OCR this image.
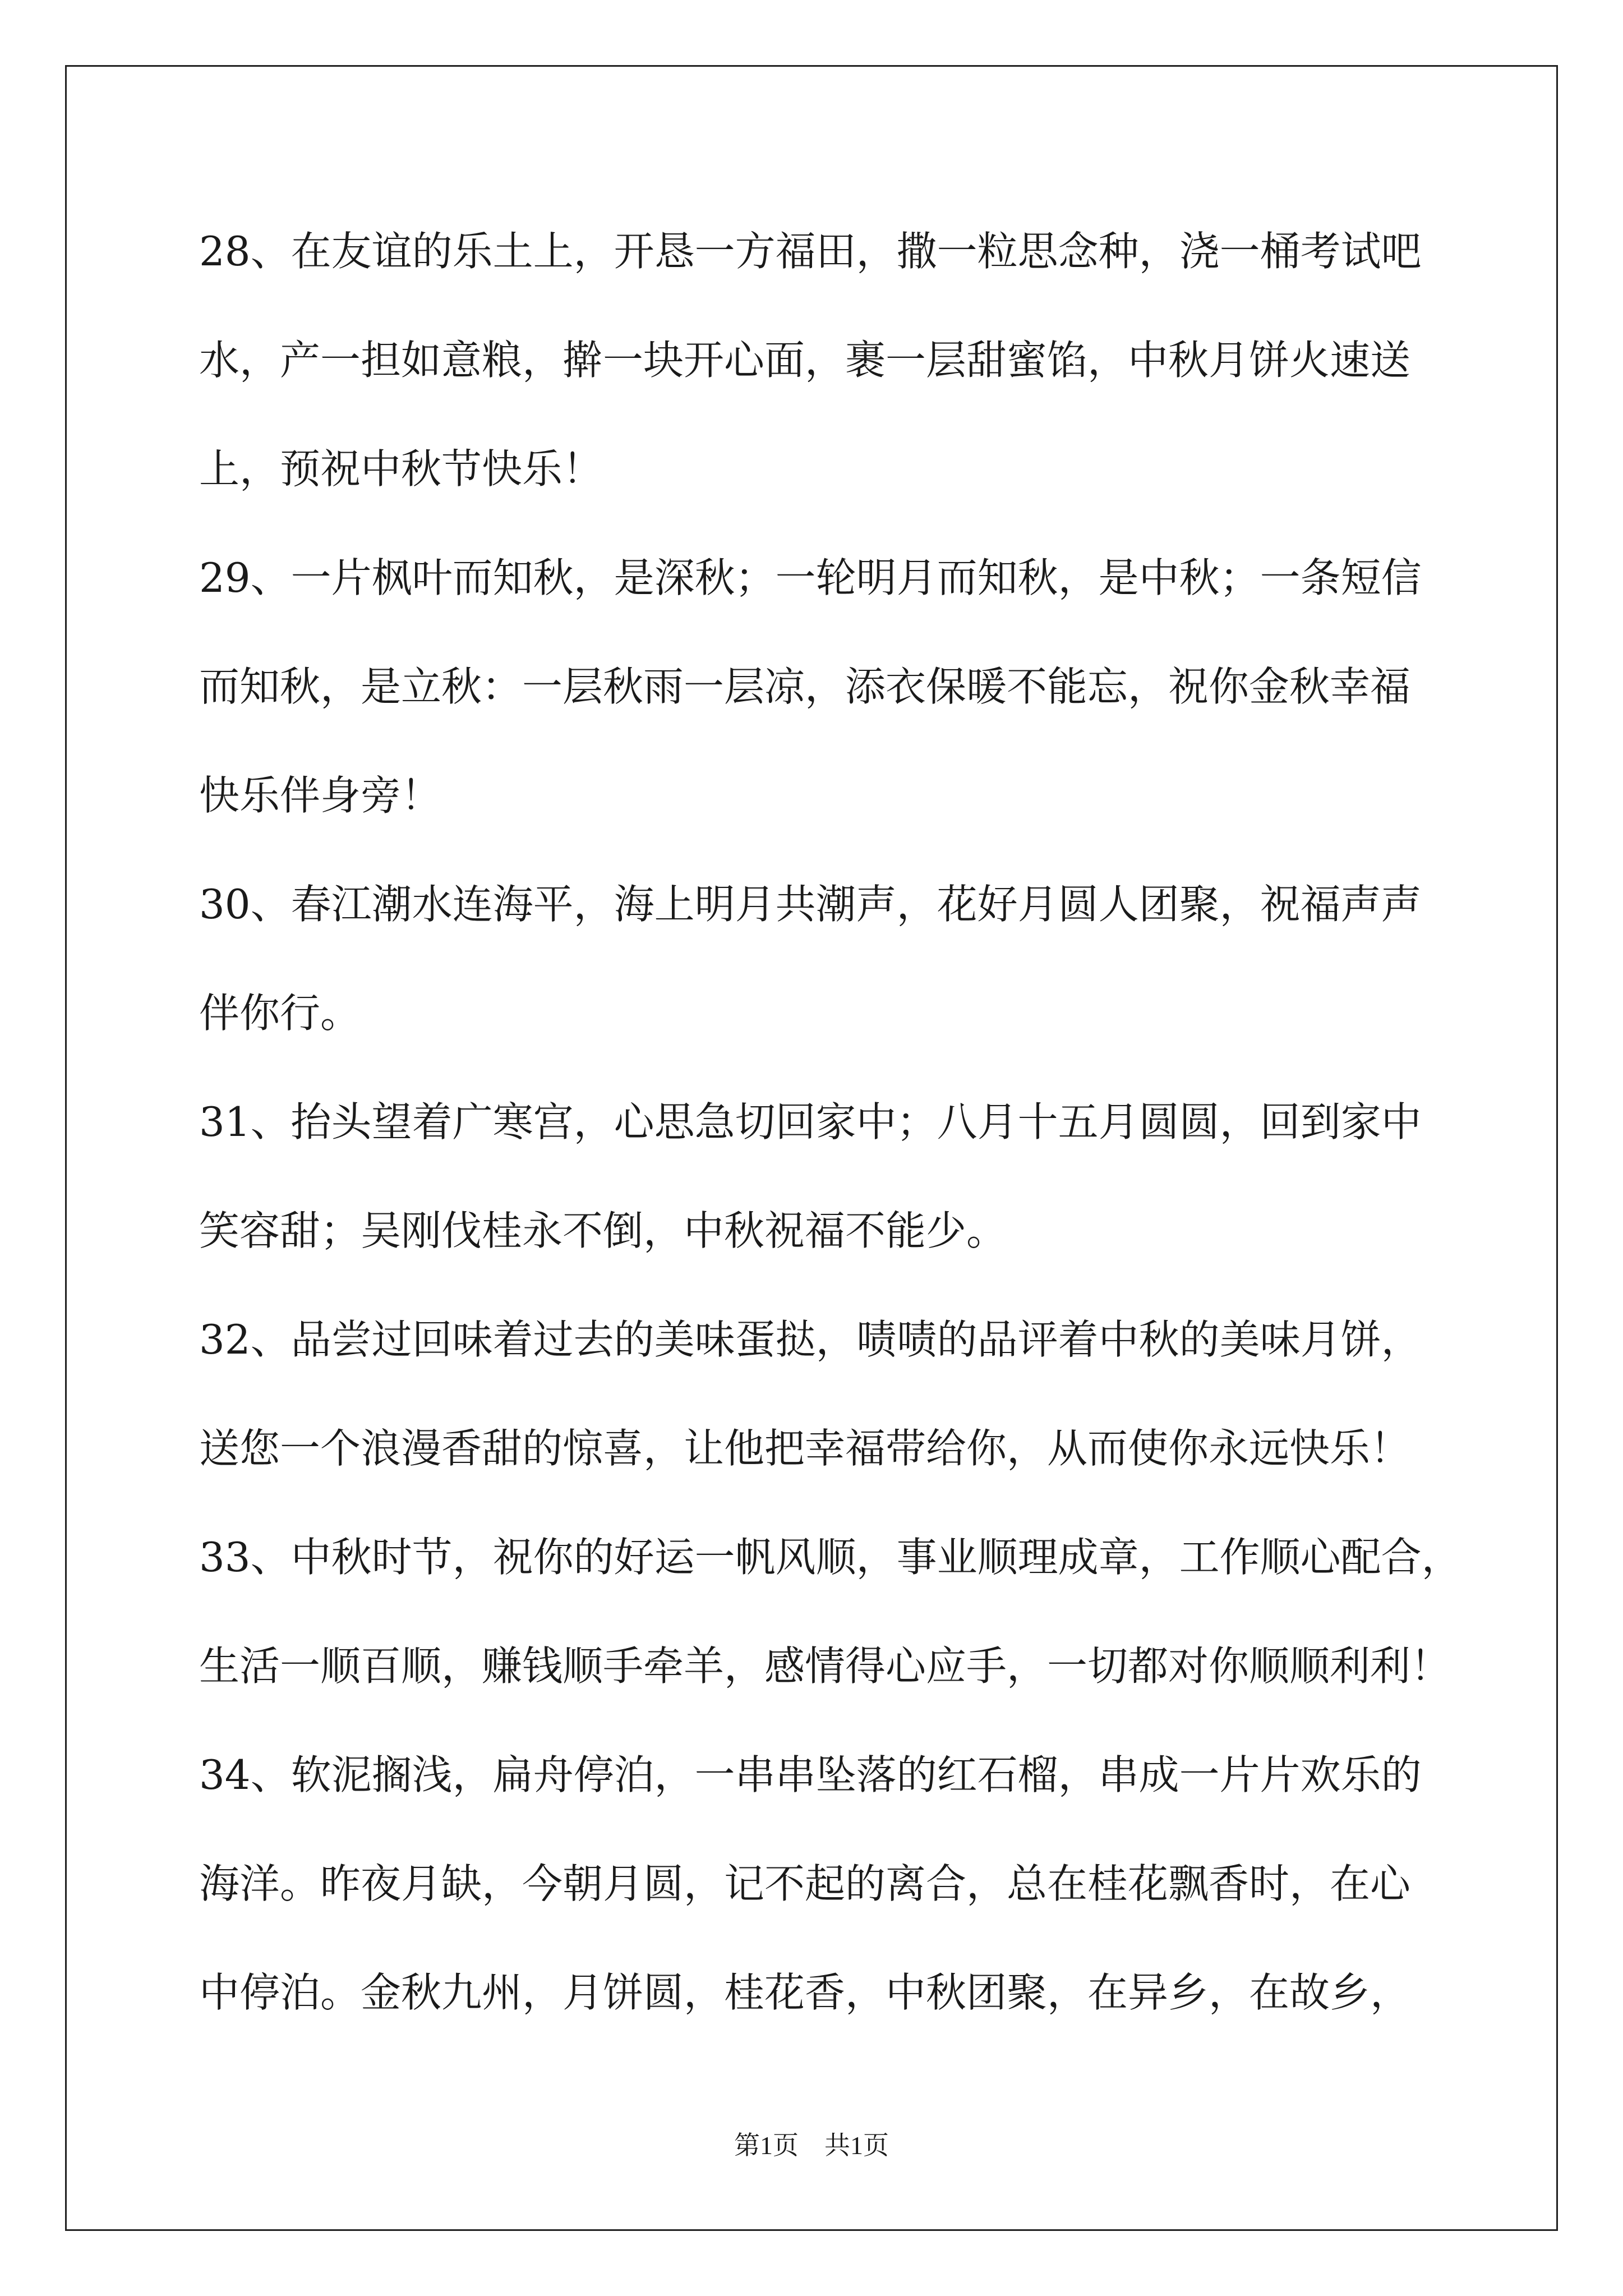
28、在友谊的乐土上，开恳一方福田，撒一粒思念种，浇一桶考试吧
水，产一担如意粮，擀一块开心面，裹一层甜蜜馅，中秋月饼火速送
上，预祝中秋节快乐！
29、一片枫叶而知秋，是深秋；一轮明月而知秋，是中秋；一条短信
而知秋，是立秋：一层秋雨一层凉，添衣保暖不能忘，祝你金秋幸福
快乐伴身旁！
30、春江潮水连海平，海上明月共潮声，花好月圆人团聚，祝福声声
伴你行。
31、抬头望着广寒宫，心思急切回家中；八月十五月圆圆，回到家中
笑容甜；吴刚伐桂永不倒，中秋祝福不能少。
32、品尝过回味着过去的美味蛋挞，啧啧的品评着中秋的美味月饼，
送您一个浪漫香甜的惊喜，让他把幸福带给你，从而使你永远快乐！
33、中秋时节，祝你的好运一帆风顺，事业顺理成章，工作顺心配合，
生活一顺百顺，赚钱顺手牵羊，感情得心应手，一切都对你顺顺利利！
34、软泥搁浅，扁舟停泊，一串串坠落的红石榴，串成一片片欢乐的
海洋。昨夜月缺，今朝月圆，记不起的离合，总在桂花飘香时，在心
中停泊。金秋九州，月饼圆，桂花香，中秋团聚，在异乡，在故乡，
第1页　共1页
